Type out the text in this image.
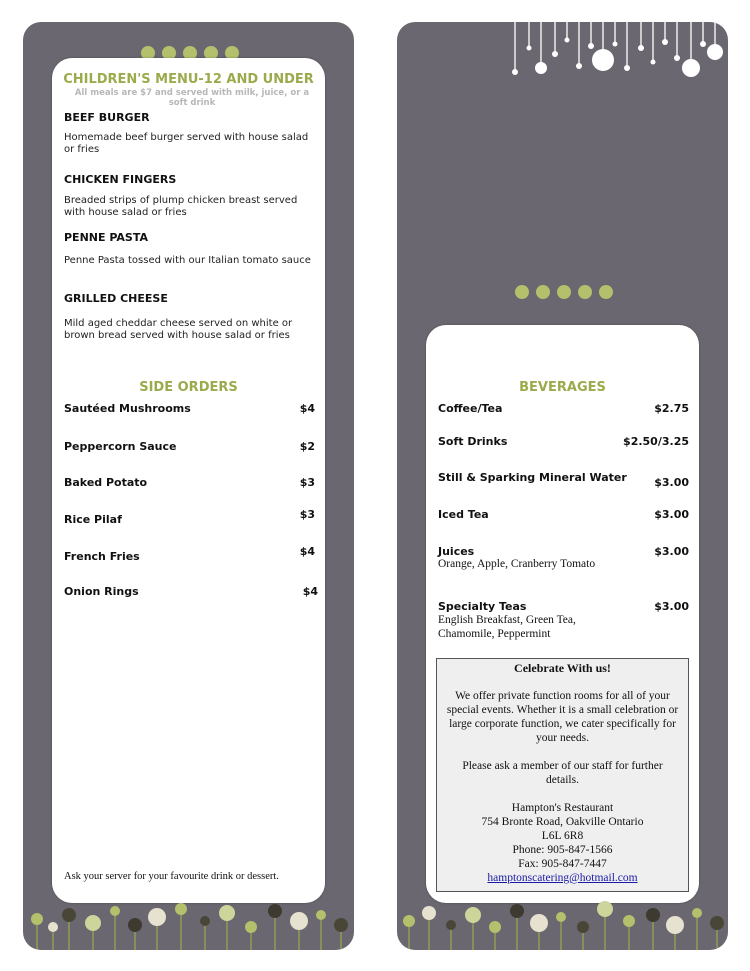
CHILDREN'S MENU-12 AND UNDER
All meals are $7 and served with milk, juice, or a soft drink
BEEF BURGER
Homemade beef burger served with house salad or fries
CHICKEN FINGERS
Breaded strips of plump chicken breast served with house salad or fries
PENNE PASTA
Penne Pasta tossed with our Italian tomato sauce
GRILLED CHEESE
Mild aged cheddar cheese served on white or brown bread served with house salad or fries
SIDE ORDERS
Sautéed Mushrooms	$4
Peppercorn Sauce	$2
Baked Potato	$3
Rice Pilaf	$3
French Fries	$4
Onion Rings	$4
Ask your server for your favourite drink or dessert.
BEVERAGES
Coffee/Tea	$2.75
Soft Drinks	$2.50/3.25
Still & Sparking Mineral Water $3.00
Iced Tea	$3.00
Juices	$3.00
Orange, Apple, Cranberry Tomato
Specialty Teas	$3.00
English Breakfast, Green Tea, Chamomile, Peppermint

Celebrate With us!

We offer private function rooms for all of your special events. Whether it is a small celebration or large corporate function, we cater specifically for your needs.

Please ask a member of our staff for further details.

Hampton's Restaurant

754 Bronte Road, Oakville Ontario

L6L 6R8

Phone: 905-847-1566

Fax: 905-847-7447

hamptonscatering@hotmail.com
